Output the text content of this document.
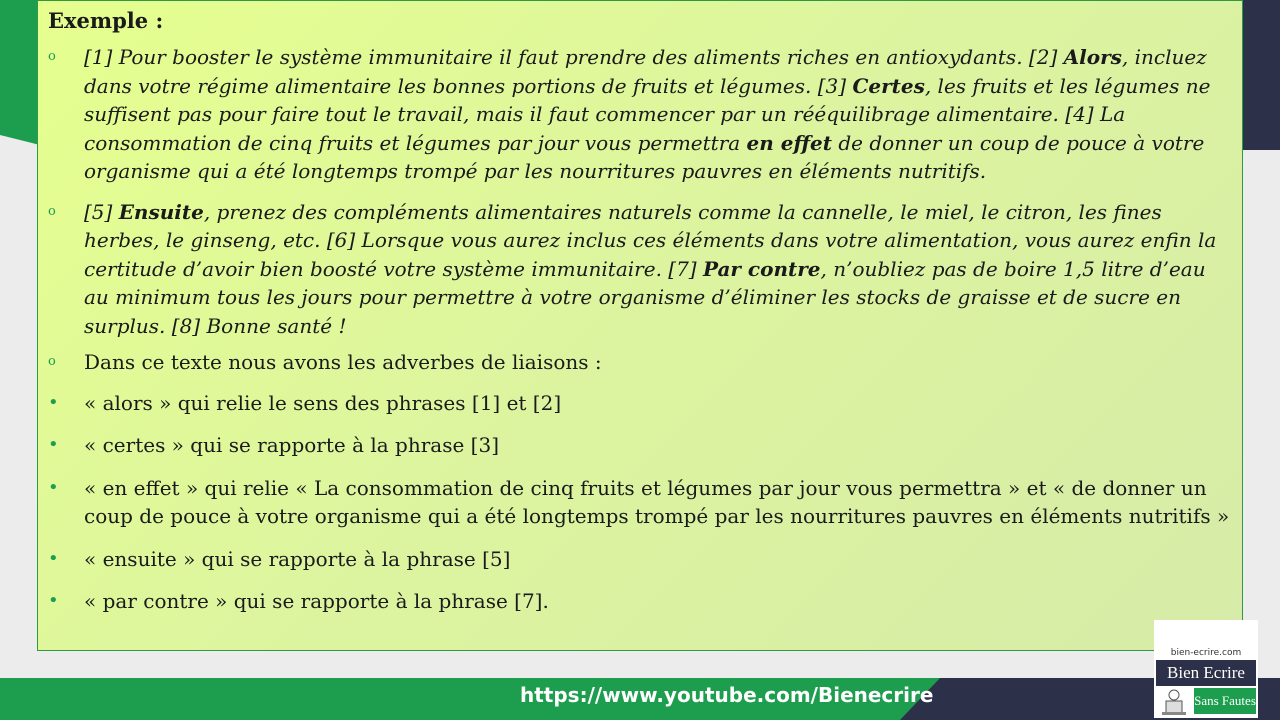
Exemple :
o	[1] Pour booster le système immunitaire il faut prendre des aliments riches en antioxydants. [2] Alors, incluez dans votre régime alimentaire les bonnes portions de fruits et légumes. [3] Certes, les fruits et les légumes ne suffisent pas pour faire tout le travail, mais il faut commencer par un rééquilibrage alimentaire. [4] La consommation de cinq fruits et légumes par jour vous permettra en effet de donner un coup de pouce à votre organisme qui a été longtemps trompé par les nourritures pauvres en éléments nutritifs.
o	[5] Ensuite, prenez des compléments alimentaires naturels comme la cannelle, le miel, le citron, les fines herbes, le ginseng, etc. [6] Lorsque vous aurez inclus ces éléments dans votre alimentation, vous aurez enfin la certitude d’avoir bien boosté votre système immunitaire. [7] Par contre, n’oubliez pas de boire 1,5 litre d’eau au minimum tous les jours pour permettre à votre organisme d’éliminer les stocks de graisse et de sucre en surplus. [8] Bonne santé !
o	Dans ce texte nous avons les adverbes de liaisons :
•	« alors » qui relie le sens des phrases [1] et [2]
•	« certes » qui se rapporte à la phrase [3]
•	« en effet » qui relie « La consommation de cinq fruits et légumes par jour vous permettra » et « de donner un coup de pouce à votre organisme qui a été longtemps trompé par les nourritures pauvres en éléments nutritifs »
•	« ensuite » qui se rapporte à la phrase [5]
•	« par contre » qui se rapporte à la phrase [7].
https://www.youtube.com/Bienecrire
bien-ecrire.com
Bien Ecrire
Sans Fautes
